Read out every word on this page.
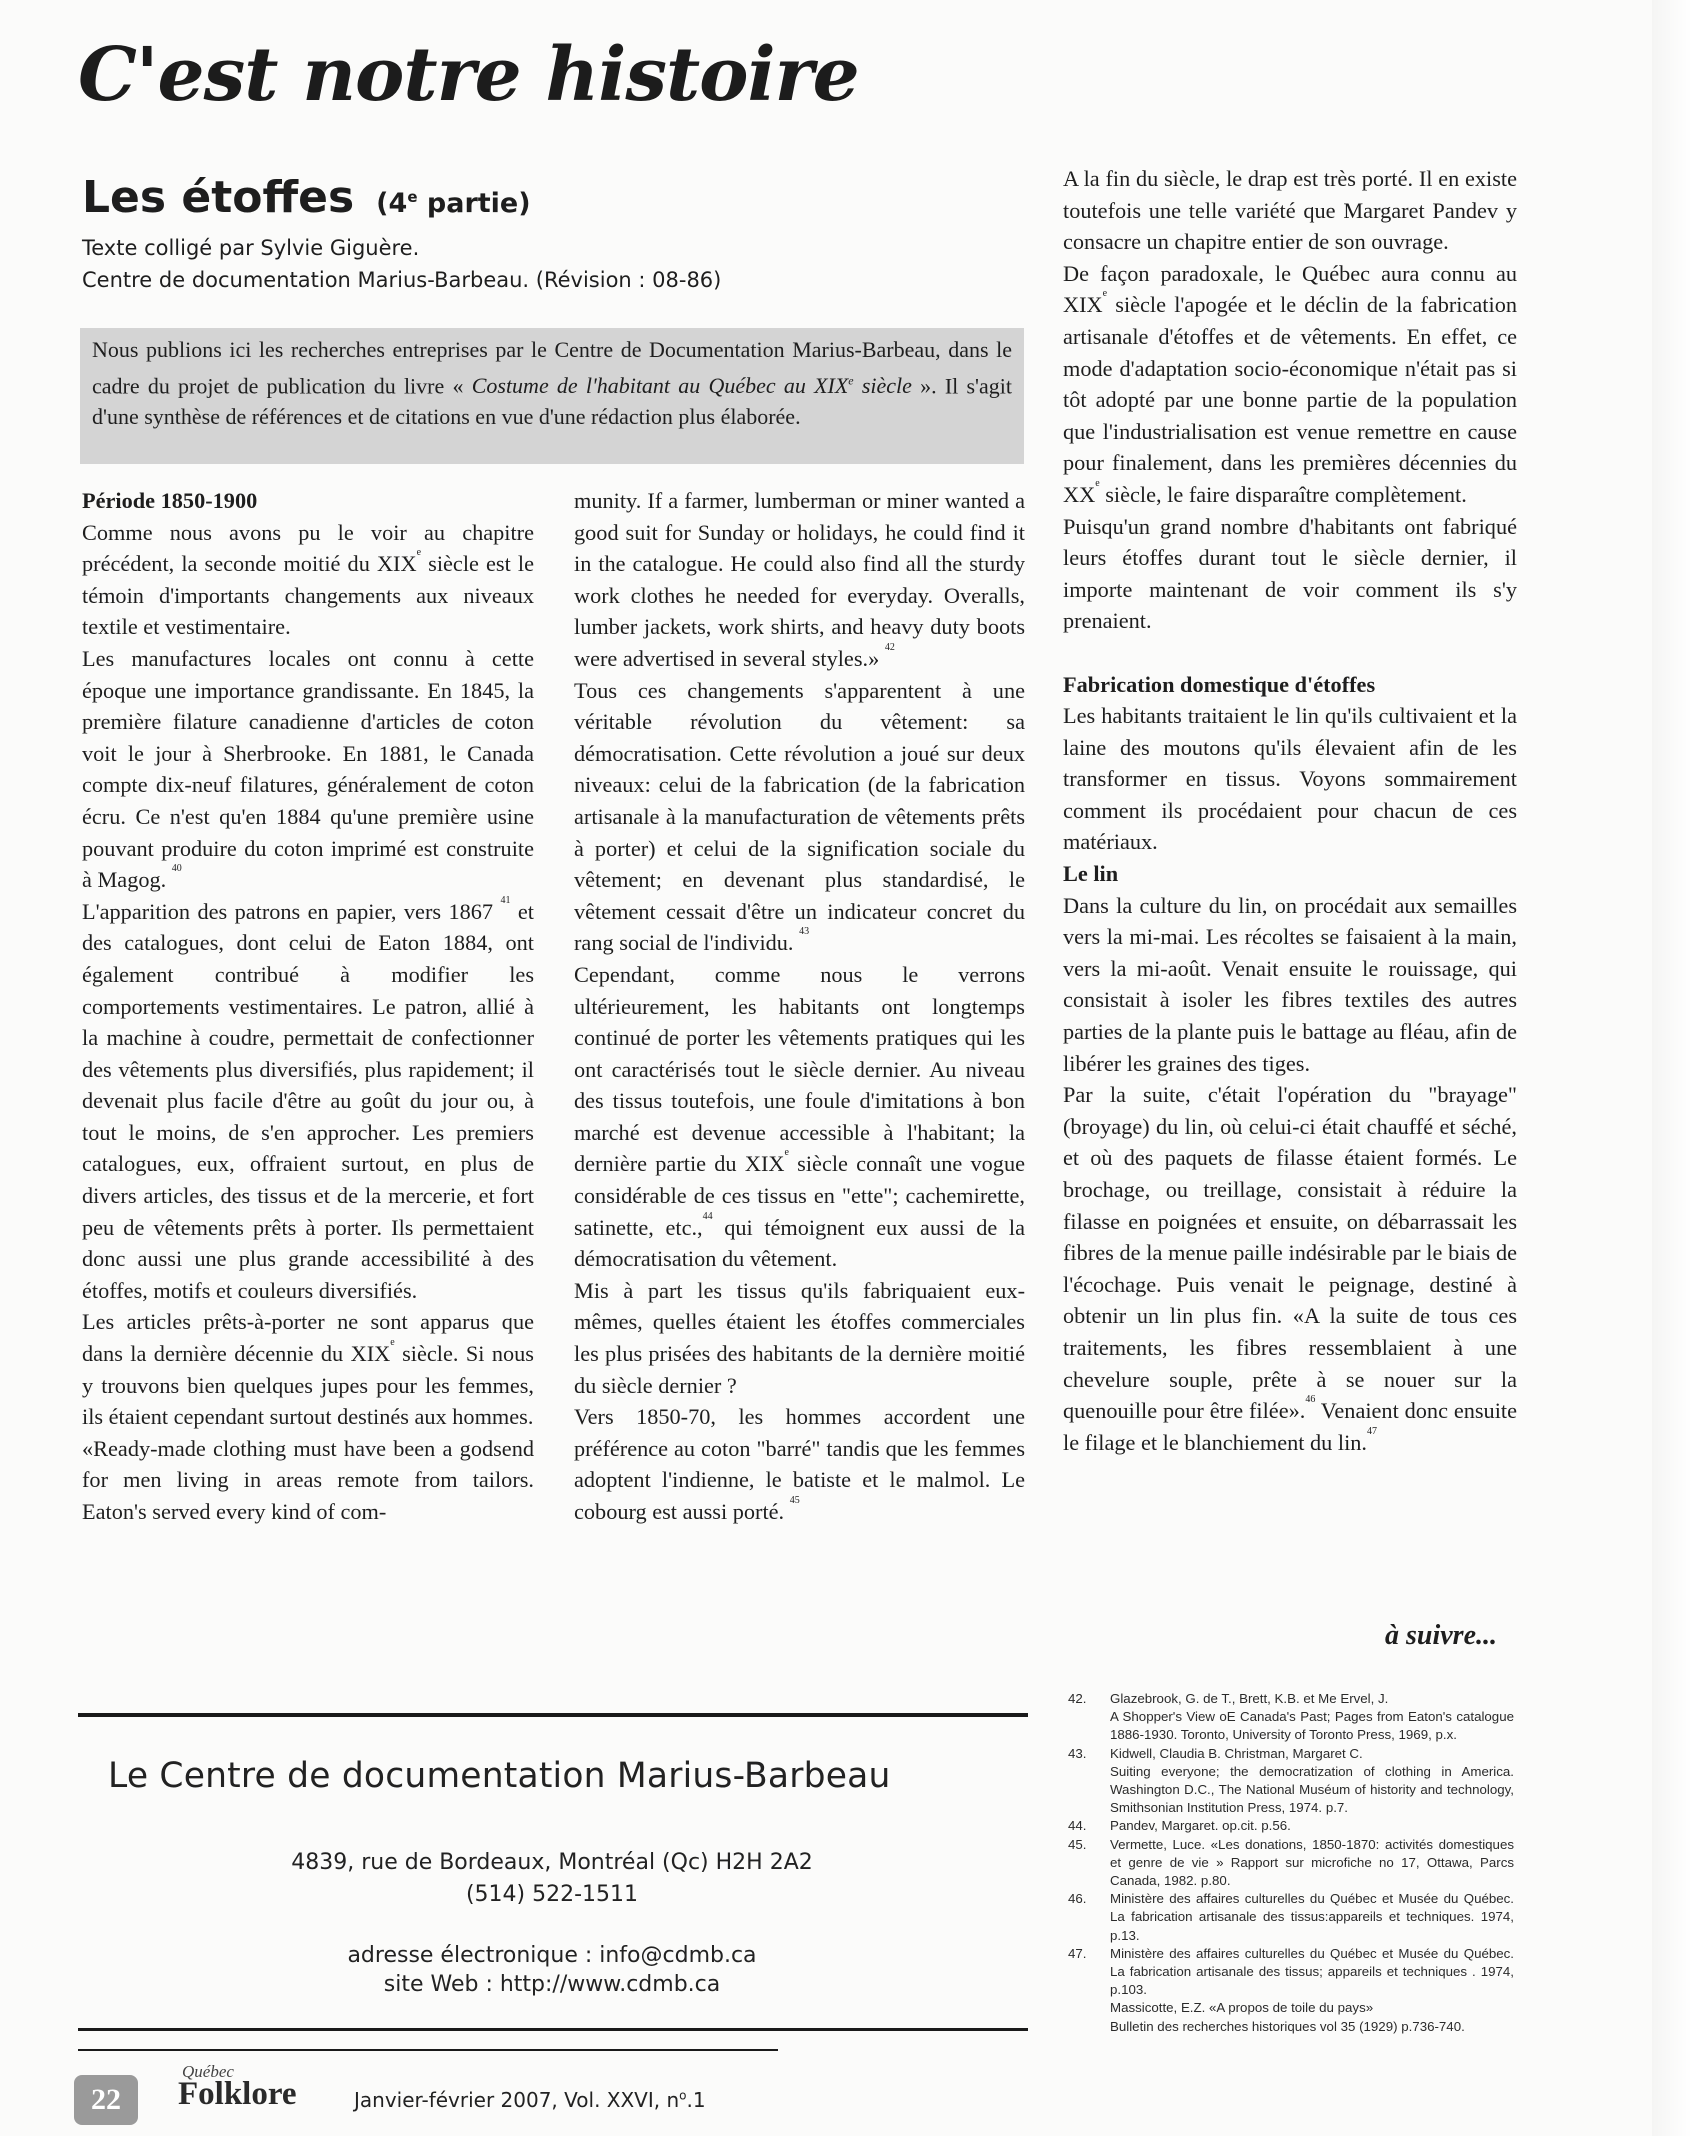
C'est notre histoire
Les étoffes (4e partie)
Texte colligé par Sylvie Giguère.
Centre de documentation Marius-Barbeau. (Révision : 08-86)
Nous publions ici les recherches entreprises par le Centre de Documentation Marius-Barbeau, dans le cadre du projet de publication du livre « Costume de l'habitant au Québec au XIXe siècle ». Il s'agit d'une synthèse de références et de citations en vue d'une rédaction plus élaborée.
Période 1850-1900

Comme nous avons pu le voir au chapitre précédent, la seconde moitié du XIXe siècle est le témoin d'importants changements aux niveaux textile et vestimentaire.

Les manufactures locales ont connu à cette époque une importance grandissante. En 1845, la première filature canadienne d'articles de coton voit le jour à Sherbrooke. En 1881, le Canada compte dix-neuf filatures, généralement de coton écru. Ce n'est qu'en 1884 qu'une première usine pouvant produire du coton imprimé est construite à Magog. $^{40}$

L'apparition des patrons en papier, vers 1867 $^{41}$ et des catalogues, dont celui de Eaton 1884, ont également contribué à modifier les comportements vestimentaires. Le patron, allié à la machine à coudre, permettait de confectionner des vêtements plus diversifiés, plus rapidement; il devenait plus facile d'être au goût du jour ou, à tout le moins, de s'en approcher. Les premiers catalogues, eux, offraient surtout, en plus de divers articles, des tissus et de la mercerie, et fort peu de vêtements prêts à porter. Ils permettaient donc aussi une plus grande accessibilité à des étoffes, motifs et couleurs diversifiés.

Les articles prêts-à-porter ne sont apparus que dans la dernière décennie du XIXe siècle. Si nous y trouvons bien quelques jupes pour les femmes, ils étaient cependant surtout destinés aux hommes.

«Ready-made clothing must have been a godsend for men living in areas remote from tailors. Eaton's served every kind of com-

munity. If a farmer, lumberman or miner wanted a good suit for Sunday or holidays, he could find it in the catalogue. He could also find all the sturdy work clothes he needed for everyday. Overalls, lumber jackets, work shirts, and heavy duty boots were advertised in several styles.» $^{42}$

Tous ces changements s'apparentent à une véritable révolution du vêtement: sa démocratisation. Cette révolution a joué sur deux niveaux: celui de la fabrication (de la fabrication artisanale à la manufacturation de vêtements prêts à porter) et celui de la signification sociale du vêtement; en devenant plus standardisé, le vêtement cessait d'être un indicateur concret du rang social de l'individu. $^{43}$

Cependant, comme nous le verrons ultérieurement, les habitants ont longtemps continué de porter les vêtements pratiques qui les ont caractérisés tout le siècle dernier. Au niveau des tissus toutefois, une foule d'imitations à bon marché est devenue accessible à l'habitant; la dernière partie du XIXe siècle connaît une vogue considérable de ces tissus en "ette"; cachemirette, satinette, etc.,$^{44}$ qui témoignent eux aussi de la démocratisation du vêtement.

Mis à part les tissus qu'ils fabriquaient eux-mêmes, quelles étaient les étoffes commerciales les plus prisées des habitants de la dernière moitié du siècle dernier ?

Vers 1850-70, les hommes accordent une préférence au coton "barré" tandis que les femmes adoptent l'indienne, le batiste et le malmol. Le cobourg est aussi porté. $^{45}$

A la fin du siècle, le drap est très porté. Il en existe toutefois une telle variété que Margaret Pandev y consacre un chapitre entier de son ouvrage.

De façon paradoxale, le Québec aura connu au XIXe siècle l'apogée et le déclin de la fabrication artisanale d'étoffes et de vêtements. En effet, ce mode d'adaptation socio-économique n'était pas si tôt adopté par une bonne partie de la population que l'industrialisation est venue remettre en cause pour finalement, dans les premières décennies du XXe siècle, le faire disparaître complètement.

Puisqu'un grand nombre d'habitants ont fabriqué leurs étoffes durant tout le siècle dernier, il importe maintenant de voir comment ils s'y prenaient.

Fabrication domestique d'étoffes

Les habitants traitaient le lin qu'ils cultivaient et la laine des moutons qu'ils élevaient afin de les transformer en tissus. Voyons sommairement comment ils procédaient pour chacun de ces matériaux.

Le lin

Dans la culture du lin, on procédait aux semailles vers la mi-mai. Les récoltes se faisaient à la main, vers la mi-août. Venait ensuite le rouissage, qui consistait à isoler les fibres textiles des autres parties de la plante puis le battage au fléau, afin de libérer les graines des tiges.

Par la suite, c'était l'opération du "brayage" (broyage) du lin, où celui-ci était chauffé et séché, et où des paquets de filasse étaient formés. Le brochage, ou treillage, consistait à réduire la filasse en poignées et ensuite, on débarrassait les fibres de la menue paille indésirable par le biais de l'écochage. Puis venait le peignage, destiné à obtenir un lin plus fin. «A la suite de tous ces traitements, les fibres ressemblaient à une chevelure souple, prête à se nouer sur la quenouille pour être filée».$^{46}$ Venaient donc ensuite le filage et le blanchiement du lin.$^{47}$

à suivre...
Le Centre de documentation Marius-Barbeau
4839, rue de Bordeaux, Montréal (Qc) H2H 2A2
(514) 522-1511
adresse électronique : info@cdmb.ca
site Web : http://www.cdmb.ca
42.	Glazebrook, G. de T., Brett, K.B. et Me Ervel, J.
A Shopper's View oE Canada's Past; Pages from Eaton's catalogue 1886-1930. Toronto, University of Toronto Press, 1969, p.x.
43.	Kidwell, Claudia B. Christman, Margaret C.
Suiting everyone; the democratization of clothing in America. Washington D.C., The National Muséum of histority and technology, Smithsonian Institution Press, 1974. p.7.
44.	Pandev, Margaret. op.cit. p.56.
45.	Vermette, Luce. «Les donations, 1850-1870: activités domestiques et genre de vie » Rapport sur microfiche no 17, Ottawa, Parcs Canada, 1982. p.80.
46.	Ministère des affaires culturelles du Québec et Musée du Québec. La fabrication artisanale des tissus:appareils et techniques. 1974, p.13.
47.	Ministère des affaires culturelles du Québec et Musée du Québec. La fabrication artisanale des tissus; appareils et techniques . 1974, p.103.
Massicotte, E.Z. «A propos de toile du pays»
Bulletin des recherches historiques vol 35 (1929) p.736-740.
22
Québec
Folklore	Janvier-février 2007, Vol. XXVI, $n^o.1$
